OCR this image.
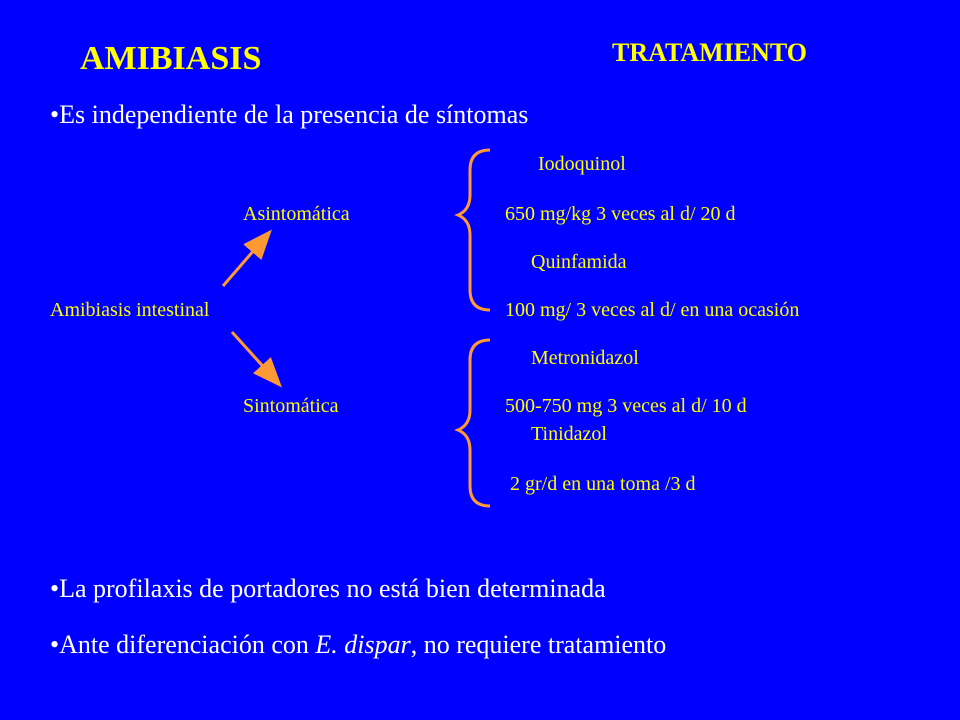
AMIBIASIS	TRATAMIENTO
•Es independiente de la presencia de síntomas
Iodoquinol
Asintomática	650 mg/kg 3 veces al d/ 20 d
Quinfamida
Amibiasis intestinal	100 mg/ 3 veces al d/ en una ocasión
Metronidazol
Sintomática	500-750 mg 3 veces al d/ 10 d
Tinidazol
2 gr/d en una toma /3 d
•La profilaxis de portadores no está bien determinada
•Ante diferenciación con E. dispar, no requiere tratamiento
